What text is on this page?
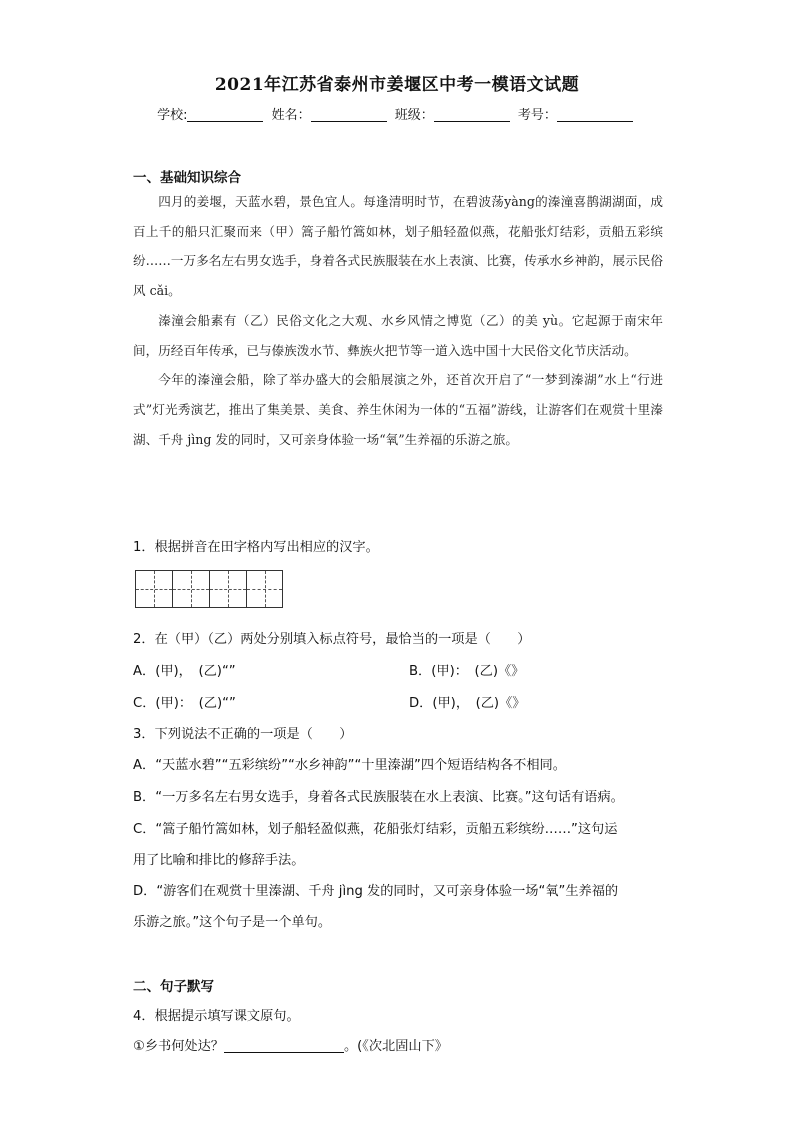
2021年江苏省泰州市姜堰区中考一模语文试题
学校:	姓名：	班级：	考号：
一、基础知识综合

四月的姜堰，天蓝水碧，景色宜人。每逢清明时节，在碧波荡yàng的溱潼喜鹊湖湖面，成百上千的船只汇聚而来（甲）篙子船竹篙如林，划子船轻盈似燕，花船张灯结彩，贡船五彩缤纷……一万多名左右男女选手，身着各式民族服装在水上表演、比赛，传承水乡神韵，展示民俗风 cǎi。

溱潼会船素有（乙）民俗文化之大观、水乡风情之博览（乙）的美 yù。它起源于南宋年间，历经百年传承，已与傣族泼水节、彝族火把节等一道入选中国十大民俗文化节庆活动。

今年的溱潼会船，除了举办盛大的会船展演之外，还首次开启了“一梦到溱湖”水上“行进式”灯光秀演艺，推出了集美景、美食、养生休闲为一体的“五福”游线，让游客们在观赏十里溱湖、千舟 jìng 发的同时，又可亲身体验一场“氧”生养福的乐游之旅。

1．根据拼音在田字格内写出相应的汉字。
2．在（甲）（乙）两处分别填入标点符号，最恰当的一项是（　　）
A．(甲)，　(乙)“”	B．(甲)：　(乙)《》
C．(甲)：　(乙)“”	D．(甲)，　(乙)《》
3．下列说法不正确的一项是（　　）
A．“天蓝水碧”“五彩缤纷”“水乡神韵”“十里溱湖”四个短语结构各不相同。
B．“一万多名左右男女选手，身着各式民族服装在水上表演、比赛。”这句话有语病。
C．“篙子船竹篙如林，划子船轻盈似燕，花船张灯结彩，贡船五彩缤纷……”这句运
用了比喻和排比的修辞手法。
D．“游客们在观赏十里溱湖、千舟 jìng 发的同时，又可亲身体验一场“氧”生养福的
乐游之旅。”这个句子是一个单句。
二、句子默写
4．根据提示填写课文原句。
①乡书何处达？	。(《次北固山下》
